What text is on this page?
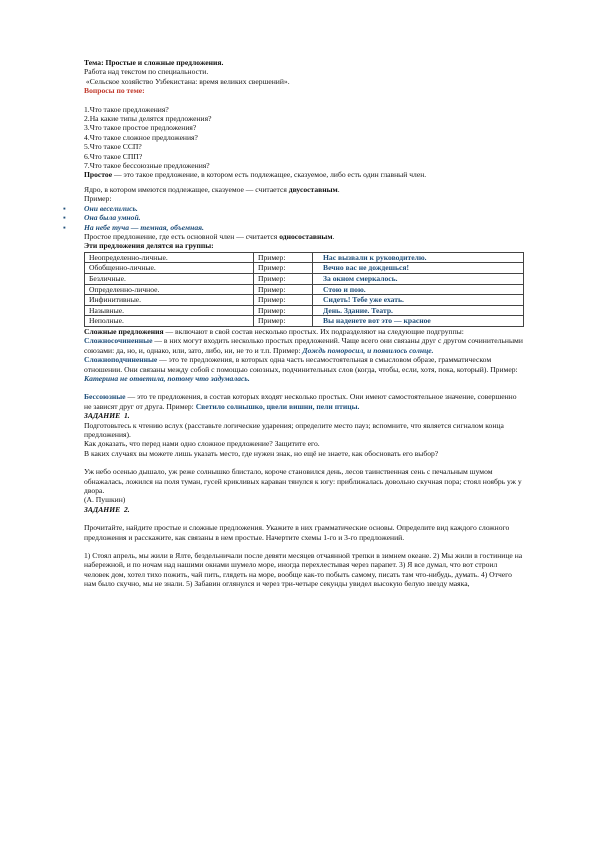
Тема: Простые и сложные предложения.

Работа над текстом по специальности.

«Сельское хозяйство Узбекистана: время великих свершений».

Вопросы по теме:

1.Что такое предложения?

2.На какие типы делятся предложения?

3.Что такое простое предложения?

4.Что такое сложное предложения?

5.Что такое ССП?

6.Что такое СПП?

7.Что такое бессоюзные предложения?

Простое — это такое предложение, в котором есть подлежащее, сказуемое, либо есть один главный член.

Ядро, в котором имеются подлежащее, сказуемое — считается двусоставным.

Пример:

▪ Они веселились.
▪ Она была умной.
▪ На небе туча — темная, объемная.

Простое предложение, где есть основной член — считается односоставным.

Эти предложения делятся на группы:

Неопределенно-личные.	Пример:	Нас вызвали к руководителю.
Обобщенно-личные.	Пример:	Вечно вас не дождешься!
Безличные.	Пример:	За окном смеркалось.
Определенно-личное.	Пример:	Стою и пою.
Инфинитивные.	Пример:	Сидеть! Тебе уже ехать.
Назывные.	Пример:	День. Здание. Театр.
Неполные.	Пример:	Вы наденете вот это — красное

Сложные предложения — включают в свой состав несколько простых. Их подразделяют на следующие подгруппы:

Сложносочиненные — в них могут входить несколько простых предложений. Чаще всего они связаны друг с другом сочинительными союзами: да, но, и, однако, или, зато, либо, ни, не то и т.п. Пример: Дождь поморосил, и появилось солнце.

Сложноподчиненные — это те предложения, в которых одна часть несамостоятельная в смысловом образе, грамматическом отношении. Они связаны между собой с помощью союзных, подчинительных слов (когда, чтобы, если, хотя, пока, который). Пример: Катерина не ответила, потому что задумалась.

Бессоюзные — это те предложения, в состав которых входят несколько простых. Они имеют самостоятельное значение, совершенно не зависят друг от друга. Пример: Светило солнышко, цвели вишни, пели птицы.

ЗАДАНИЕ  1.

Подготовьтесь к чтению вслух (расставьте логические ударения; определите место пауз; вспомните, что является сигналом конца предложения).

Как доказать, что перед нами одно сложное предложение? Защитите его.

В каких случаях вы можете лишь указать место, где нужен знак, но ещё не знаете, как обосновать его выбор?

Уж небо осенью дышало, уж реже солнышко блистало, короче становился день, лесов таинственная сень с печальным шумом обнажалась, ложился на поля туман, гусей крикливых караван тянулся к югу: приближалась довольно скучная пора; стоял ноябрь уж у двора.

(А. Пушкин)

ЗАДАНИЕ  2.

Прочитайте, найдите простые и сложные предложения. Укажите в них грамматические основы. Определите вид каждого сложного предложения и расскажите, как связаны в нем простые. Начертите схемы 1-го и 3-го предложений.

1) Стоял апрель, мы жили в Ялте, бездельничали после девяти месяцев отчаянной трепки в зимнем океане. 2) Мы жили в гостинице на набережной, и по ночам над нашими окнами шумело море, иногда перехлестывая через парапет. 3) Я все думал, что вот строил человек дом, хотел тихо пожить, чай пить, глядеть на море, вообще как-то побыть самому, писать там что-нибудь, думать. 4) Отчего нам было скучно, мы не знали. 5) Забавин оглянулся и через три-четыре секунды увидел высокую белую звезду маяка,
